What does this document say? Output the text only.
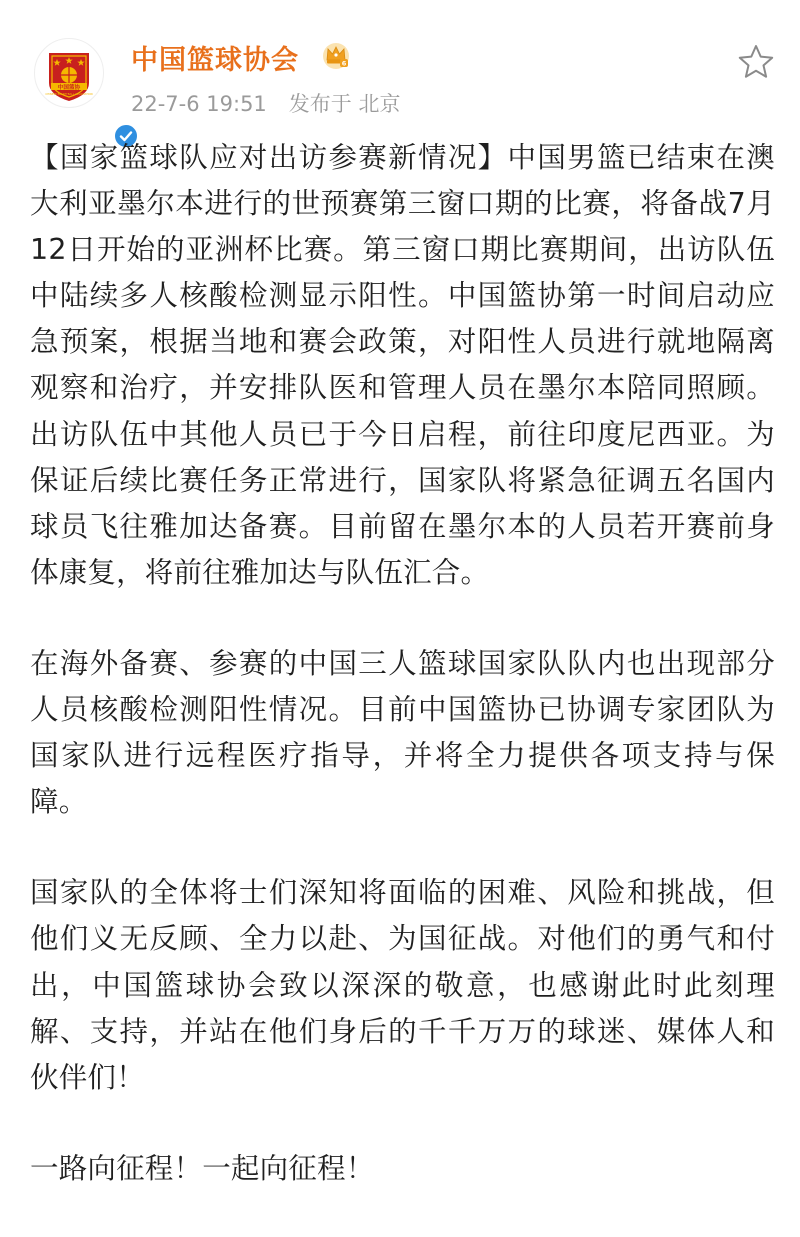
中国篮协
CHINESE BASKETBALL ASSOCIATION
中国篮球协会	6
22-7-6 19:51 发布于 北京

【国家篮球队应对出访参赛新情况】中国男篮已结束在澳大利亚墨尔本进行的世预赛第三窗口期的比赛，将备战7月12日开始的亚洲杯比赛。第三窗口期比赛期间，出访队伍中陆续多人核酸检测显示阳性。中国篮协第一时间启动应急预案，根据当地和赛会政策，对阳性人员进行就地隔离观察和治疗，并安排队医和管理人员在墨尔本陪同照顾。出访队伍中其他人员已于今日启程，前往印度尼西亚。为保证后续比赛任务正常进行，国家队将紧急征调五名国内球员飞往雅加达备赛。目前留在墨尔本的人员若开赛前身体康复，将前往雅加达与队伍汇合。

在海外备赛、参赛的中国三人篮球国家队队内也出现部分人员核酸检测阳性情况。目前中国篮协已协调专家团队为国家队进行远程医疗指导，并将全力提供各项支持与保障。

国家队的全体将士们深知将面临的困难、风险和挑战，但他们义无反顾、全力以赴、为国征战。对他们的勇气和付出，中国篮球协会致以深深的敬意，也感谢此时此刻理解、支持，并站在他们身后的千千万万的球迷、媒体人和伙伴们！

一路向征程！一起向征程！
